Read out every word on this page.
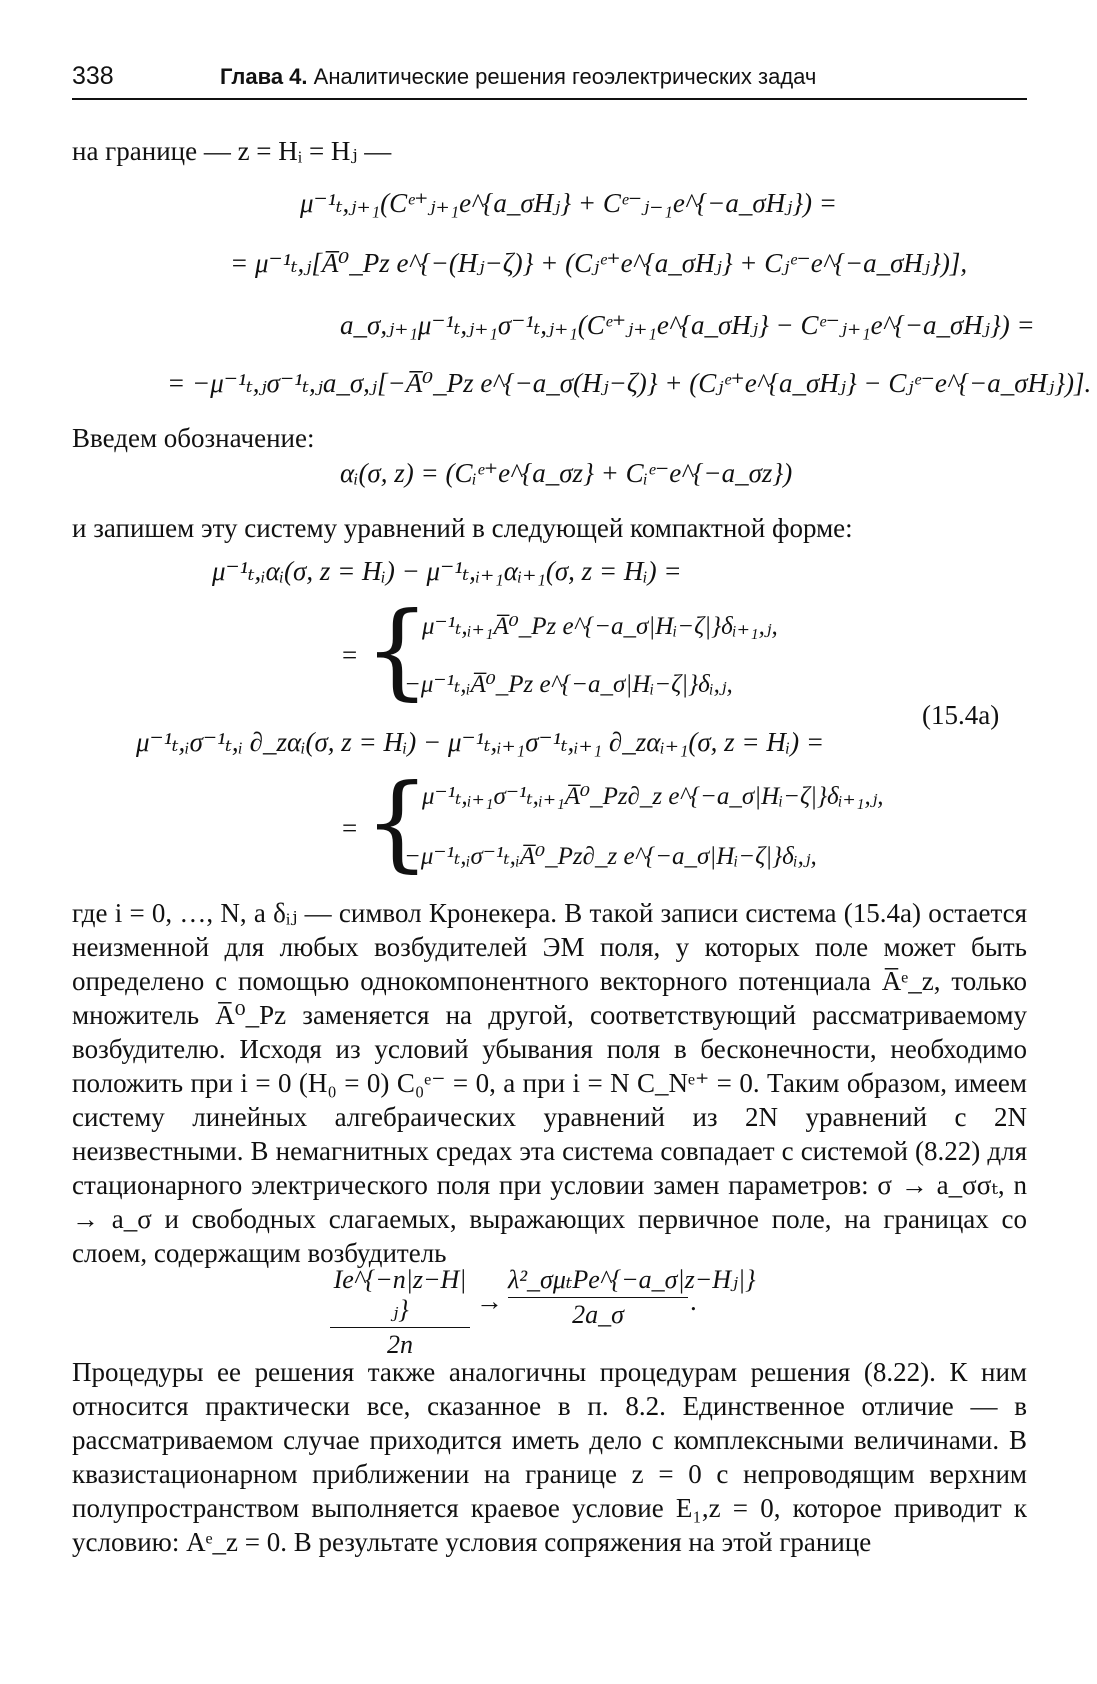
338	Глава 4. Аналитические решения геоэлектрических задач

на границе — z = Hᵢ = Hⱼ —

μ⁻¹ₜ,ⱼ₊₁(Cᵉ⁺ⱼ₊₁e^{a_σHⱼ} + Cᵉ⁻ⱼ₋₁e^{−a_σHⱼ}) =
= μ⁻¹ₜ,ⱼ[A̅⁰_Pz e^{−(Hⱼ−ζ)} + (Cⱼᵉ⁺e^{a_σHⱼ} + Cⱼᵉ⁻e^{−a_σHⱼ})],
a_σ,ⱼ₊₁μ⁻¹ₜ,ⱼ₊₁σ⁻¹ₜ,ⱼ₊₁(Cᵉ⁺ⱼ₊₁e^{a_σHⱼ} − Cᵉ⁻ⱼ₊₁e^{−a_σHⱼ}) =
= −μ⁻¹ₜ,ⱼσ⁻¹ₜ,ⱼa_σ,ⱼ[−A̅⁰_Pz e^{−a_σ(Hⱼ−ζ)} + (Cⱼᵉ⁺e^{a_σHⱼ} − Cⱼᵉ⁻e^{−a_σHⱼ})].

Введем обозначение:

αᵢ(σ, z) = (Cᵢᵉ⁺e^{a_σz} + Cᵢᵉ⁻e^{−a_σz})

и запишем эту систему уравнений в следующей компактной форме:

μ⁻¹ₜ,ᵢαᵢ(σ, z = Hᵢ) − μ⁻¹ₜ,ᵢ₊₁αᵢ₊₁(σ, z = Hᵢ) =
= {
μ⁻¹ₜ,ᵢ₊₁A̅⁰_Pz e^{−a_σ|Hᵢ−ζ|}δᵢ₊₁,ⱼ,
−μ⁻¹ₜ,ᵢA̅⁰_Pz e^{−a_σ|Hᵢ−ζ|}δᵢ,ⱼ,
(15.4a)
μ⁻¹ₜ,ᵢσ⁻¹ₜ,ᵢ ∂_zαᵢ(σ, z = Hᵢ) − μ⁻¹ₜ,ᵢ₊₁σ⁻¹ₜ,ᵢ₊₁ ∂_zαᵢ₊₁(σ, z = Hᵢ) =
= {
μ⁻¹ₜ,ᵢ₊₁σ⁻¹ₜ,ᵢ₊₁A̅⁰_Pz∂_z e^{−a_σ|Hᵢ−ζ|}δᵢ₊₁,ⱼ,
−μ⁻¹ₜ,ᵢσ⁻¹ₜ,ᵢA̅⁰_Pz∂_z e^{−a_σ|Hᵢ−ζ|}δᵢ,ⱼ,

где i = 0, …, N, а δᵢⱼ — символ Кронекера. В такой записи система (15.4а) остается неизменной для любых возбудителей ЭМ поля, у которых поле может быть определено с помощью однокомпонентного векторного потенциала A̅ᵉ_z, только множитель A̅⁰_Pz заменяется на другой, соответствующий рассматриваемому возбудителю. Исходя из условий убывания поля в бесконечности, необходимо положить при i = 0 (H₀ = 0) C₀ᵉ⁻ = 0, а при i = N C_Nᵉ⁺ = 0. Таким образом, имеем систему линейных алгебраических уравнений из 2N уравнений с 2N неизвестными. В немагнитных средах эта система совпадает с системой (8.22) для стационарного электрического поля при условии замен параметров: σ → a_σσₜ, n → a_σ и свободных слагаемых, выражающих первичное поле, на границах со слоем, содержащим возбудитель

Ie^{−n|z−H|ⱼ}
2n
→
λ²_σμₜPe^{−a_σ|z−Hⱼ|}
2a_σ	.

Процедуры ее решения также аналогичны процедурам решения (8.22). К ним относится практически все, сказанное в п. 8.2. Единственное отличие — в рассматриваемом случае приходится иметь дело с комплексными величинами. В квазистационарном приближении на границе z = 0 с непроводящим верхним полупространством выполняется краевое условие E₁,z = 0, которое приводит к условию: Aᵉ_z = 0. В результате условия сопряжения на этой границе
